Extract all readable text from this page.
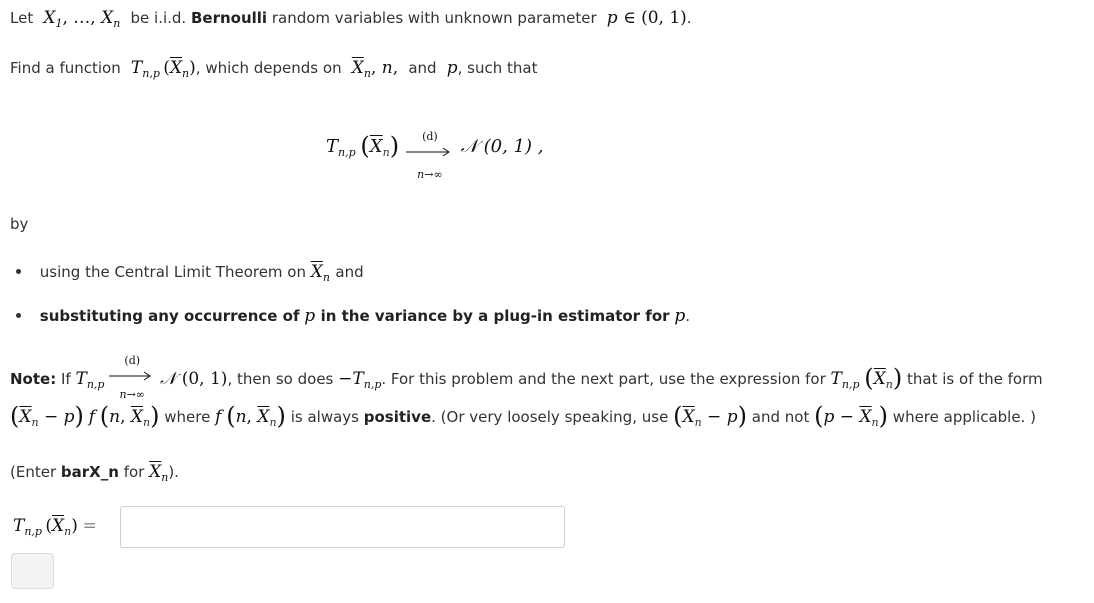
Let  $X_1$, …, $X_n$ be i.i.d. Bernoulli random variables with unknown parameter  p ∈ (0, 1).
Find a function  $T_{n,p}$ $(\overline{X}_n)$, which depends on $\overline{X}_n$, n, and  p, such that
$T_{n,p}$ $(\overline{X}_n)$	(d)
n→∞
𝒩 (0, 1) ,
by
using the Central Limit Theorem on $\overline{X}_n$ and
substituting any occurrence of p in the variance by a plug-in estimator for p.
Note: If $T_{n,p}$
(d)
n→∞
𝒩 (0, 1), then so does $-T_{n,p}$. For this problem and the next part, use the expression for $T_{n,p}$ $(\overline{X}_n)$ that is of the form
$(\overline{X}_n - p)$ f (n, $\overline{X}_n$) where f (n, $\overline{X}_n$) is always positive. (Or very loosely speaking, use $(\overline{X}_n - p)$ and not $(p - \overline{X}_n)$ where applicable. )
(Enter barX_n for $\overline{X}_n$).
$T_{n,p}$ $(\overline{X}_n)$ =
